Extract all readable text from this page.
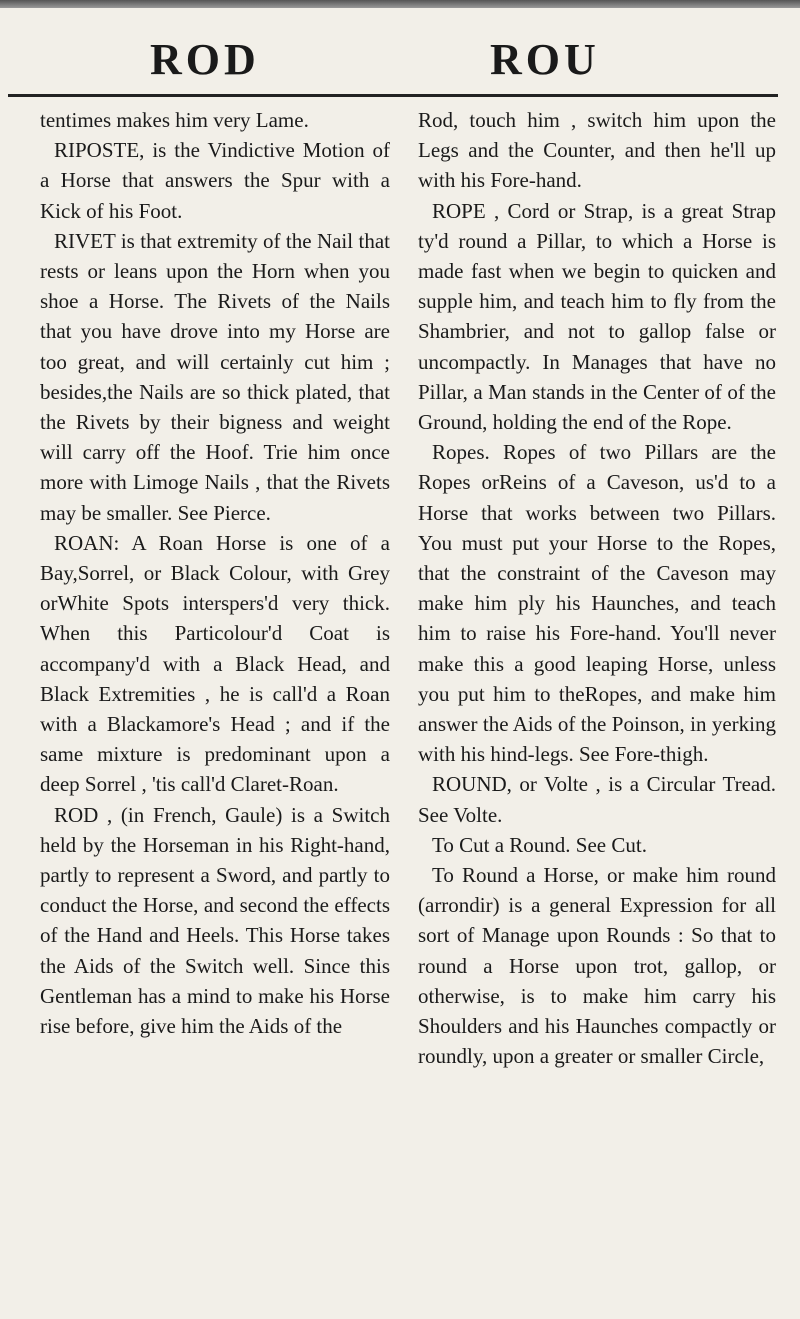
ROD	ROU

tentimes makes him very Lame.

RIPOSTE, is the Vindictive Motion of a Horse that answers the Spur with a Kick of his Foot.

RIVET is that extremity of the Nail that rests or leans upon the Horn when you shoe a Horse. The Rivets of the Nails that you have drove into my Horse are too great, and will certainly cut him ; besides,the Nails are so thick plated, that the Rivets by their bigness and weight will carry off the Hoof. Trie him once more with Limoge Nails , that the Rivets may be smaller. See Pierce.

ROAN: A Roan Horse is one of a Bay,Sorrel, or Black Colour, with Grey orWhite Spots interspers'd very thick. When this Particolour'd Coat is accompany'd with a Black Head, and Black Extremities , he is call'd a Roan with a Blackamore's Head ; and if the same mixture is predominant upon a deep Sorrel , 'tis call'd Claret-Roan.

ROD , (in French, Gaule) is a Switch held by the Horseman in his Right-hand, partly to represent a Sword, and partly to conduct the Horse, and second the effects of the Hand and Heels. This Horse takes the Aids of the Switch well. Since this Gentleman has a mind to make his Horse rise before, give him the Aids of the

Rod, touch him , switch him upon the Legs and the Counter, and then he'll up with his Fore-hand.

ROPE , Cord or Strap, is a great Strap ty'd round a Pillar, to which a Horse is made fast when we begin to quicken and supple him, and teach him to fly from the Shambrier, and not to gallop false or uncompactly. In Manages that have no Pillar, a Man stands in the Center of of the Ground, holding the end of the Rope.

Ropes. Ropes of two Pillars are the Ropes orReins of a Caveson, us'd to a Horse that works between two Pillars. You must put your Horse to the Ropes, that the constraint of the Caveson may make him ply his Haunches, and teach him to raise his Fore-hand. You'll never make this a good leaping Horse, unless you put him to theRopes, and make him answer the Aids of the Poinson, in yerking with his hind-legs. See Fore-thigh.

ROUND, or Volte , is a Circular Tread. See Volte.

To Cut a Round. See Cut.

To Round a Horse, or make him round (arrondir) is a general Expression for all sort of Manage upon Rounds : So that to round a Horse upon trot, gallop, or otherwise, is to make him carry his Shoulders and his Haunches compactly or roundly, upon a greater or smaller Circle,
